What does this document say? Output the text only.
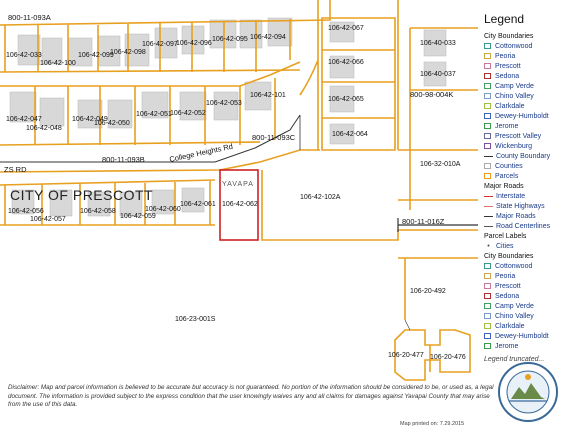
106-42-067
106-42-066
106-42-065
106-42-064
106-40-033
106-40-037
106-42-033
106-42-100
106-42-099
106-42-098
106-42-097
106-42-096
106-42-095 106-42-094
106-42-101
106-42-047
106-42-048
106-42-049
106-42-050
106-42-051
106-42-052
106-42-053
106-32-010A
106-42-102A
106-42-056
106-42-057
106-42-058
106-42-059
106-42-060
106-42-061 106-42-062
106-20-492
106-23-001S
106-20-477 106-20-476
College Heights Rd
ZS RD
800-11-093C
800-11-093B
800-11-093A
800-98-004K
800-11-016Z
CITY OF PRESCOTT
YAVAPA
Legend
City Boundaries
Cottonwood
Peoria
Prescott
Sedona
Camp Verde
Chino Valley
Clarkdale
Dewey-Humboldt
Jerome
Prescott Valley
Wickenburg
County Boundary
Counties
Parcels
Major Roads
Interstate
State Highways
Major Roads
Road Centerlines
Parcel Labels
• Cities
City Boundaries
Cottonwood
Peoria
Prescott
Sedona
Camp Verde
Chino Valley
Clarkdale
Dewey-Humboldt
Jerome
Legend truncated...
Disclaimer: Map and parcel information is believed to be accurate but accuracy is not guaranteed. No portion of the information should be considered to be, or used as, a legal document. The information is provided subject to the express condition that the user knowingly waives any and all claims for damages against Yavapai County that may arise from the use of this data.
Map printed on: 7.29.2015
